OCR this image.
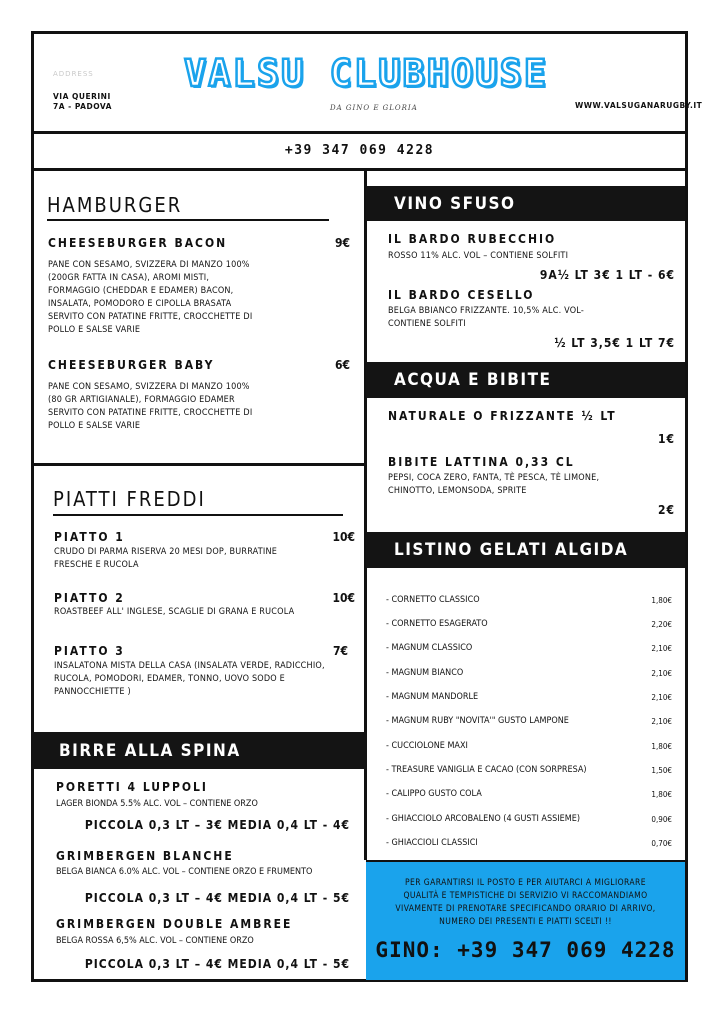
ADDRESS
VIA QUERINI
7A - PADOVA
VALSU CLUBHOUSE
DA GINO E GLORIA	WWW.VALSUGANARUGBY.IT
+39 347 069 4228
HAMBURGER
CHEESEBURGER BACON	9€
PANE CON SESAMO, SVIZZERA DI MANZO 100%
(200GR FATTA IN CASA), AROMI MISTI,
FORMAGGIO (CHEDDAR E EDAMER) BACON,
INSALATA, POMODORO E CIPOLLA BRASATA
SERVITO CON PATATINE FRITTE, CROCCHETTE DI
POLLO E SALSE VARIE
CHEESEBURGER BABY	6€
PANE CON SESAMO, SVIZZERA DI MANZO 100%
(80 GR ARTIGIANALE), FORMAGGIO EDAMER
SERVITO CON PATATINE FRITTE, CROCCHETTE DI
POLLO E SALSE VARIE
PIATTI FREDDI
PIATTO 1	10€
CRUDO DI PARMA RISERVA 20 MESI DOP, BURRATINE
FRESCHE E RUCOLA
PIATTO 2	10€
ROASTBEEF ALL' INGLESE, SCAGLIE DI GRANA E RUCOLA
PIATTO 3	7€
INSALATONA MISTA DELLA CASA (INSALATA VERDE, RADICCHIO,
RUCOLA, POMODORI, EDAMER, TONNO, UOVO SODO E
PANNOCCHIETTE )
BIRRE ALLA SPINA
PORETTI 4 LUPPOLI
LAGER BIONDA 5.5% ALC. VOL – CONTIENE ORZO
PICCOLA 0,3 LT – 3€ MEDIA 0,4 LT - 4€
GRIMBERGEN BLANCHE
BELGA BIANCA 6.0% ALC. VOL – CONTIENE ORZO E FRUMENTO
PICCOLA 0,3 LT – 4€ MEDIA 0,4 LT - 5€
GRIMBERGEN DOUBLE AMBREE
BELGA ROSSA 6,5% ALC. VOL – CONTIENE ORZO
PICCOLA 0,3 LT – 4€ MEDIA 0,4 LT - 5€
VINO SFUSO
IL BARDO RUBECCHIO
ROSSO 11% ALC. VOL – CONTIENE SOLFITI
9A½ LT 3€ 1 LT - 6€
IL BARDO CESELLO
BELGA BBIANCO FRIZZANTE. 10,5% ALC. VOL-
CONTIENE SOLFITI
½ LT 3,5€ 1 LT 7€
ACQUA E BIBITE
NATURALE O FRIZZANTE ½ LT
1€
BIBITE LATTINA 0,33 CL
PEPSI, COCA ZERO, FANTA, TÈ PESCA, TÈ LIMONE,
CHINOTTO, LEMONSODA, SPRITE
2€
LISTINO GELATI ALGIDA
- CORNETTO CLASSICO	1,80€
- CORNETTO ESAGERATO	2,20€
- MAGNUM CLASSICO	2,10€
- MAGNUM BIANCO	2,10€
- MAGNUM MANDORLE	2,10€
- MAGNUM RUBY "NOVITA'" GUSTO LAMPONE	2,10€
- CUCCIOLONE MAXI	1,80€
- TREASURE VANIGLIA E CACAO (CON SORPRESA)	1,50€
- CALIPPO GUSTO COLA	1,80€
- GHIACCIOLO ARCOBALENO (4 GUSTI ASSIEME)	0,90€
- GHIACCIOLI CLASSICI	0,70€
PER GARANTIRSI IL POSTO E PER AIUTARCI A MIGLIORARE
QUALITÀ E TEMPISTICHE DI SERVIZIO VI RACCOMANDIAMO
VIVAMENTE DI PRENOTARE SPECIFICANDO ORARIO DI ARRIVO,
NUMERO DEI PRESENTI E PIATTI SCELTI !!
GINO: +39 347 069 4228
